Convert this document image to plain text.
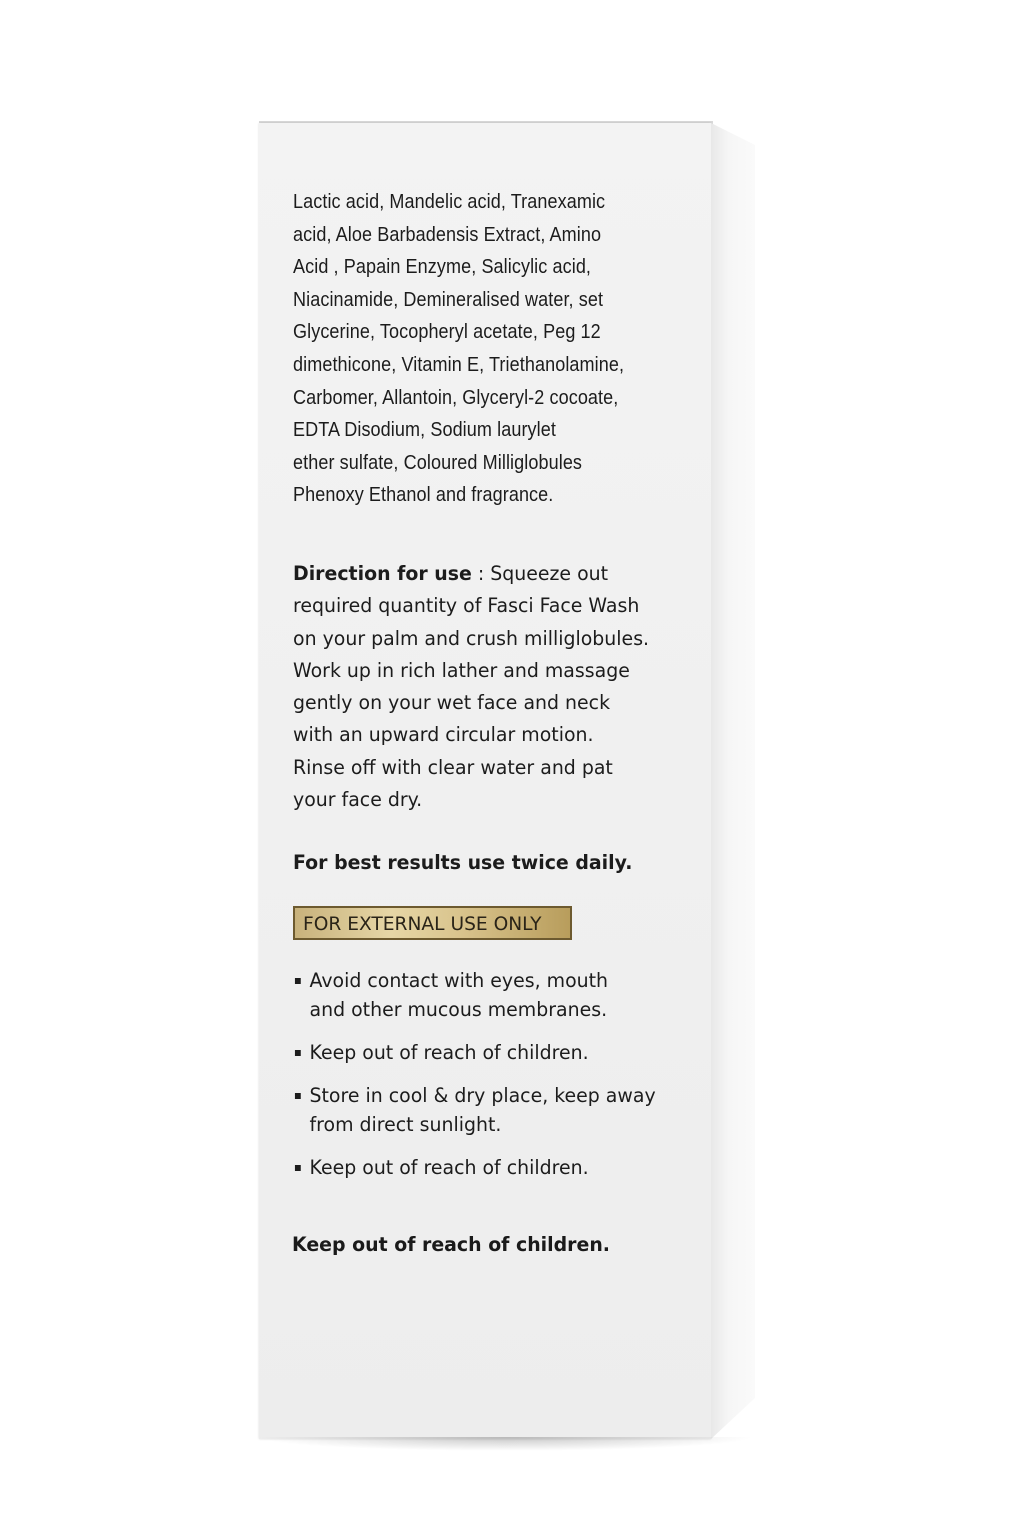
Lactic acid, Mandelic acid, Tranexamic
acid, Aloe Barbadensis Extract, Amino
Acid , Papain Enzyme, Salicylic acid,
Niacinamide, Demineralised water, set
Glycerine, Tocopheryl acetate, Peg 12
dimethicone, Vitamin E, Triethanolamine,
Carbomer, Allantoin, Glyceryl-2 cocoate,
EDTA Disodium, Sodium laurylet
ether sulfate, Coloured Milliglobules
Phenoxy Ethanol and fragrance.
Direction for use : Squeeze out
required quantity of Fasci Face Wash
on your palm and crush milliglobules.
Work up in rich lather and massage
gently on your wet face and neck
with an upward circular motion.
Rinse off with clear water and pat
your face dry.
For best results use twice daily.
FOR EXTERNAL USE ONLY
Avoid contact with eyes, mouth
and other mucous membranes.
Keep out of reach of children.
Store in cool & dry place, keep away
from direct sunlight.
Keep out of reach of children.
Keep out of reach of children.
